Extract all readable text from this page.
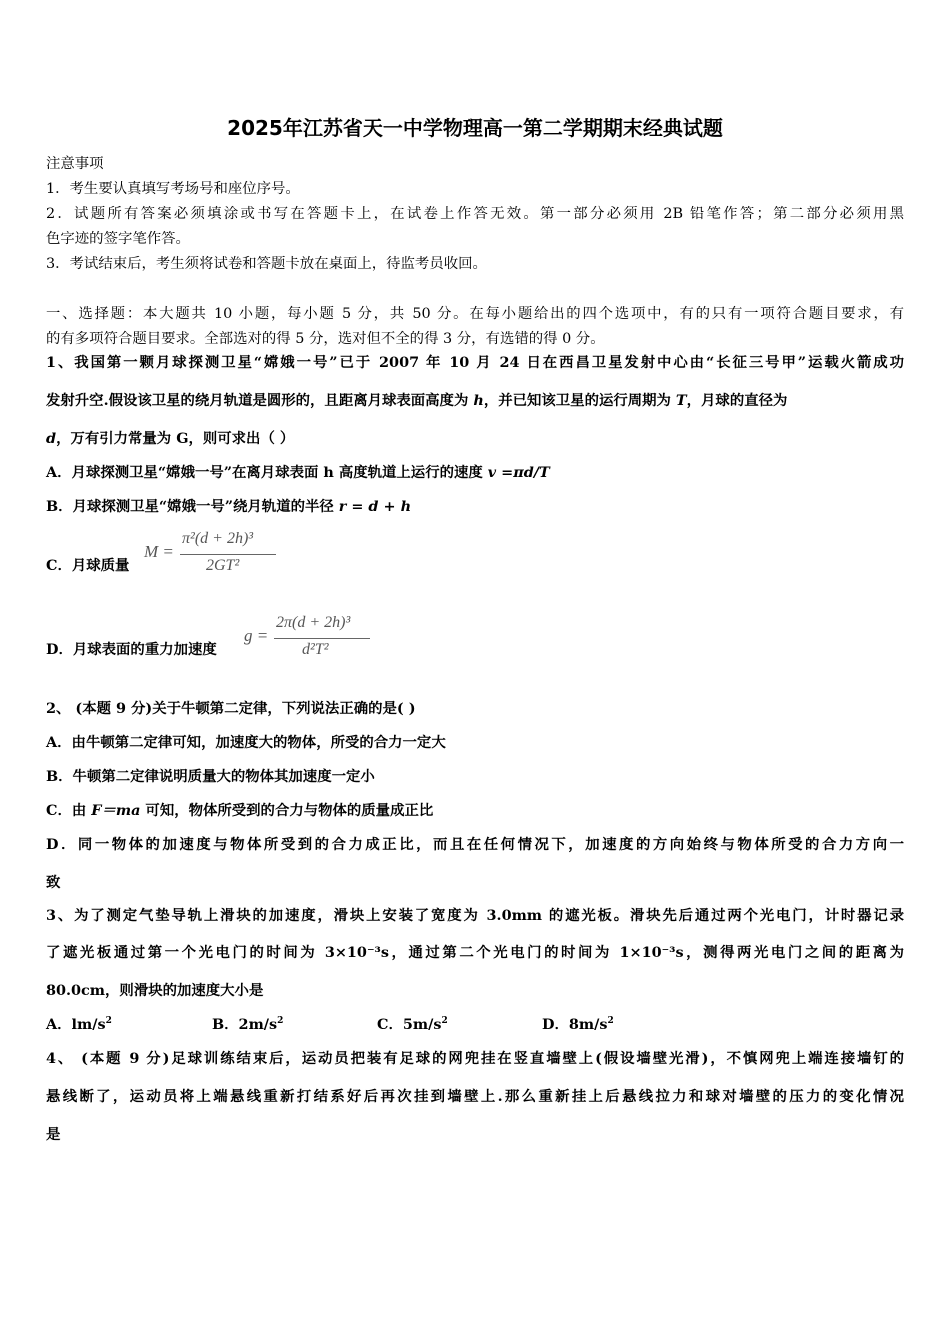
2025年江苏省天一中学物理高一第二学期期末经典试题
注意事项
1．考生要认真填写考场号和座位序号。
2．试题所有答案必须填涂或书写在答题卡上，在试卷上作答无效。第一部分必须用 2B 铅笔作答；第二部分必须用黑
色字迹的签字笔作答。
3．考试结束后，考生须将试卷和答题卡放在桌面上，待监考员收回。
一、选择题：本大题共 10 小题，每小题 5 分，共 50 分。在每小题给出的四个选项中，有的只有一项符合题目要求，有
的有多项符合题目要求。全部选对的得 5 分，选对但不全的得 3 分，有选错的得 0 分。
1、我国第一颗月球探测卫星“嫦娥一号”已于 2007 年 10 月 24 日在西昌卫星发射中心由“长征三号甲”运载火箭成功
发射升空.假设该卫星的绕月轨道是圆形的，且距离月球表面高度为 h，并已知该卫星的运行周期为 T，月球的直径为
d，万有引力常量为 G，则可求出（ ）
A．月球探测卫星“嫦娥一号”在离月球表面 h 高度轨道上运行的速度 v =πd/T
B．月球探测卫星“嫦娥一号”绕月轨道的半径 r = d + h
C．月球质量
M =
π²(d + 2h)³
2GT²
D．月球表面的重力加速度
g =
2π(d + 2h)³
d²T²
2、 (本题 9 分)关于牛顿第二定律，下列说法正确的是( )
A．由牛顿第二定律可知，加速度大的物体，所受的合力一定大
B．牛顿第二定律说明质量大的物体其加速度一定小
C．由 F＝ma 可知，物体所受到的合力与物体的质量成正比
D．同一物体的加速度与物体所受到的合力成正比，而且在任何情况下，加速度的方向始终与物体所受的合力方向一
致
3、为了测定气垫导轨上滑块的加速度，滑块上安装了宽度为 3.0mm 的遮光板。滑块先后通过两个光电门，计时器记录
了遮光板通过第一个光电门的时间为 3×10⁻³s，通过第二个光电门的时间为 1×10⁻³s，测得两光电门之间的距离为
80.0cm，则滑块的加速度大小是
A．$lm/s^2$	B．$2m/s^2$	C．$5m/s^2$	D．$8m/s^2$
4、 (本题 9 分)足球训练结束后，运动员把装有足球的网兜挂在竖直墙壁上(假设墙壁光滑)，不慎网兜上端连接墙钉的
悬线断了，运动员将上端悬线重新打结系好后再次挂到墙壁上.那么重新挂上后悬线拉力和球对墙壁的压力的变化情况
是
